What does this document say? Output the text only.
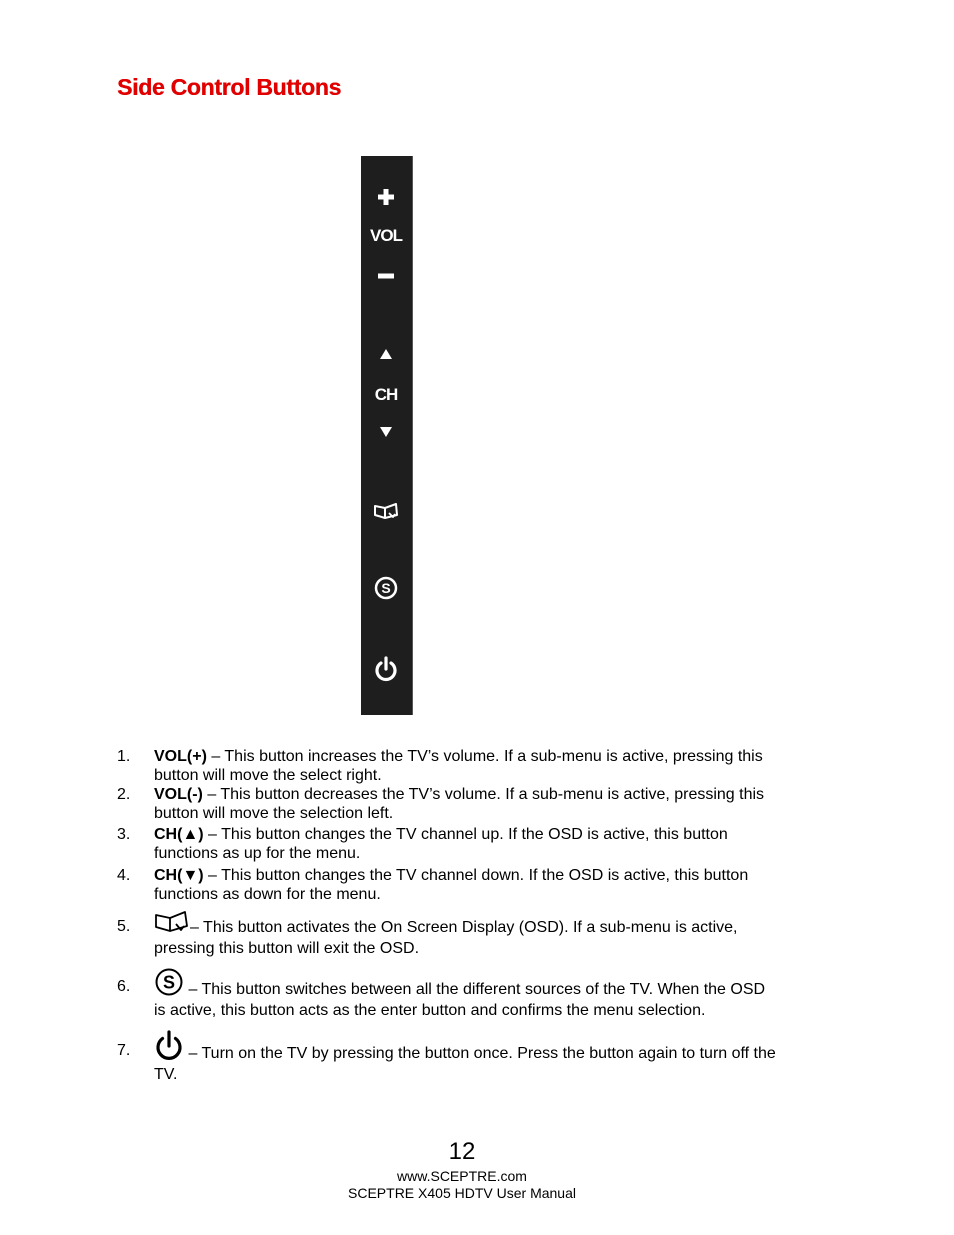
Side Control Buttons
VOL
CH
S
1. VOL(+) – This button increases the TV’s volume. If a sub-menu is active, pressing this button will move the select right.
2. VOL(-) – This button decreases the TV’s volume. If a sub-menu is active, pressing this button will move the selection left.
3. CH(▲) – This button changes the TV channel up. If the OSD is active, this button functions as up for the menu.
4. CH(▼) – This button changes the TV channel down. If the OSD is active, this button functions as down for the menu.
5.	– This button activates the On Screen Display (OSD). If a sub-menu is active, pressing this button will exit the OSD.
6. S – This button switches between all the different sources of the TV. When the OSD is active, this button acts as the enter button and confirms the menu selection.
7.	– Turn on the TV by pressing the button once. Press the button again to turn off the TV.
12
www.SCEPTRE.com
SCEPTRE X405 HDTV User Manual
